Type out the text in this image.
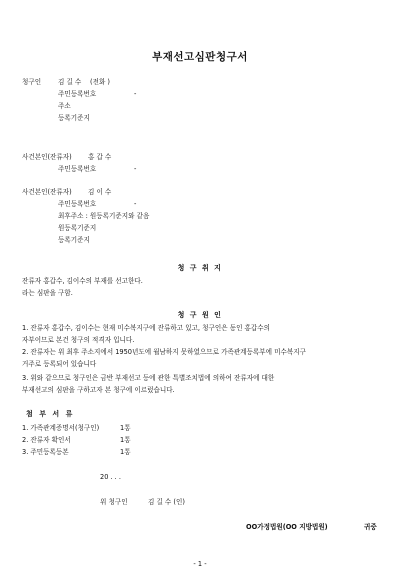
부재선고심판청구서
청구인	김 길 수 (전화 )
주민등록번호	-
주소
등록기준지
사건본인(잔류자) 홍 갑 수
주민등록번호	-
사건본인(잔류자) 김 이 수
주민등록번호	-
최후주소 : 원등록기준지와 같음
원등록기준지
등록기준지
청 구 취 지
잔류자 홍갑수, 김이수의 부재를 선고한다.
라는 심판을 구함.
청 구 원 인
1. 잔류자 홍갑수, 김이수는 현재 미수복지구에 잔류하고 있고, 청구인은 동인 홍갑수의
자부이므로 본건 청구의 적격자 입니다.
2. 잔류자는 위 최후 주소지에서 1950년도에 월남하지 못하였으므로 가족관계등록부에 미수복지구
거주로 등록되어 있습니다
3. 위와 같으므로 청구인은 금반 부재선고 등에 관한 특별조치법에 의하여 잔류자에 대한
부재선고의 심판을 구하고자 본 청구에 이르렀습니다.
첨 부 서 류
1. 가족관계증명서(청구인)	1통
2. 잔류자 확인서	1통
3. 주민등록등본	1통
20 . . .
위 청구인	김 길 수 (인)
OO가정법원(OO 지방법원)	귀중
- 1 -
